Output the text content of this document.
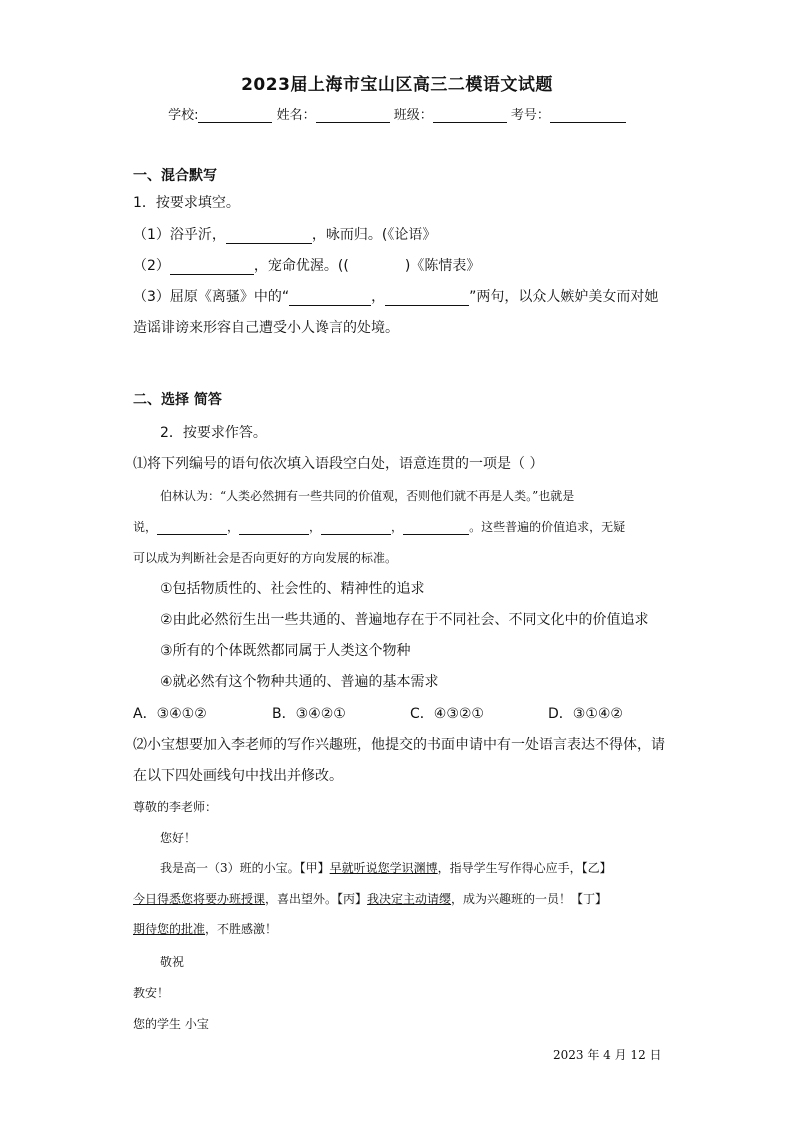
2023届上海市宝山区高三二模语文试题
学校:	姓名：	班级：	考号：
一、混合默写
1．按要求填空。
（1）浴乎沂，	，咏而归。(《论语》
（2）	，宠命优渥。((	)《陈情表》
（3）屈原《离骚》中的“	，	”两句，以众人嫉妒美女而对她
造谣诽谤来形容自己遭受小人谗言的处境。
二、选择 简答
2．按要求作答。
⑴将下列编号的语句依次填入语段空白处，语意连贯的一项是（ ）
伯林认为：“人类必然拥有一些共同的价值观，否则他们就不再是人类。”也就是
说，	，	，	，	。这些普遍的价值追求，无疑
可以成为判断社会是否向更好的方向发展的标准。
①包括物质性的、社会性的、精神性的追求
②由此必然衍生出一些共通的、普遍地存在于不同社会、不同文化中的价值追求
③所有的个体既然都同属于人类这个物种
④就必然有这个物种共通的、普遍的基本需求
A．③④①②	B．③④②①	C．④③②①	D．③①④②
⑵小宝想要加入李老师的写作兴趣班，他提交的书面申请中有一处语言表达不得体，请
在以下四处画线句中找出并修改。
尊敬的李老师：
您好！
我是高一（3）班的小宝。【甲】早就听说您学识渊博，指导学生写作得心应手，【乙】
今日得悉您将要办班授课，喜出望外。【丙】我决定主动请缨，成为兴趣班的一员！【丁】
期待您的批准，不胜感激！
敬祝
教安！
您的学生 小宝
2023 年 4 月 12 日
